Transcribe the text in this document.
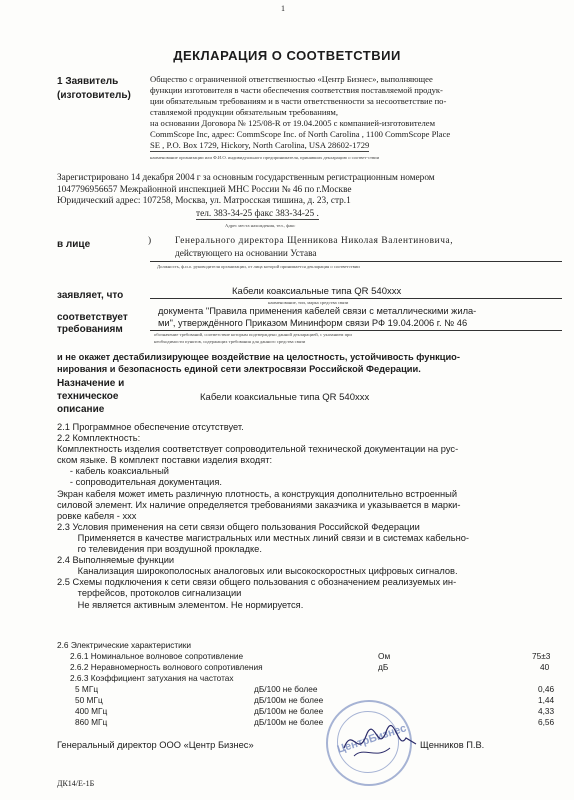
1
ДЕКЛАРАЦИЯ О СООТВЕТСТВИИ
1 Заявитель
(изготовитель)
Общество с ограниченной ответственностью «Центр Бизнес», выполняющее
функции изготовителя в части обеспечения соответствия поставляемой продук-
ции обязательным требованиям и в части ответственности за несоответствие по-
ставляемой продукции обязательным требованиям,
на основании Договора № 125/08-R от 19.04.2005 с компанией-изготовителем
CommScope Inc, адрес: CommScope Inc. of North Carolina , 1100 CommScope Place
SE , P.O. Box 1729, Hickory, North Carolina, USA 28602-1729
наименование организации или Ф.И.О. индивидуального предпринимателя, принявших декларацию о соответ-ствии
Зарегистрировано 14 декабря 2004 г за основным государственным регистрационным номером
1047796956657 Межрайонной инспекцией МНС России № 46 по г.Москве
Юридический адрес: 107258, Москва, ул. Матросская тишина, д. 23, стр.1
тел. 383-34-25 факс 383-34-25 .
Адрес места нахождения, тел., факс
в лице	)	Генерального директора Щенникова Николая Валентиновича,
действующего на основании Устава
Должность, ф.и.о. руководителя организации, от лица которой принимается декларация о соответствии
заявляет, что	Кабели коаксиальные типа QR 540xxx
наименование, тип, марка средства связи
соответствует
требованиям
документа "Правила применения кабелей связи с металлическими жила-
ми", утверждённого Приказом Мининформ связи РФ 19.04.2006 г. № 46
обозначение требований, соответствие которым подтверждено данной декларацией, с указанием при
необходимости пунктов, содержащих требования для данного средства связи
и не окажет дестабилизирующее воздействие на целостность, устойчивость функцио-
нирования и безопасность единой сети электросвязи Российской Федерации.
Назначение и
техническое
описание
Кабели коаксиальные типа QR 540xxx
2.1 Программное обеспечение отсутствует.
2.2 Комплектность:
Комплектность изделия соответствует сопроводительной технической документации на рус-
ском языке. В комплект поставки изделия входят:
- кабель коаксиальный
- сопроводительная документация.
Экран кабеля может иметь различную плотность, а конструкция дополнительно встроенный
силовой элемент. Их наличие определяется требованиями заказчика и указывается в марки-
ровке кабеля - ххх
2.3 Условия применения на сети связи общего пользования Российской Федерации
Применяется в качестве магистральных или местных линий связи и в системах кабельно-
го телевидения при воздушной прокладке.
2.4 Выполняемые функции
Канализация широкополосных аналоговых или высокоскоростных цифровых сигналов.
2.5 Схемы подключения к сети связи общего пользования с обозначением реализуемых ин-
терфейсов, протоколов сигнализации
Не является активным элементом. Не нормируется.
2.6 Электрические характеристики
2.6.1 Номинальное волновое сопротивление	Ом	75±3
2.6.2 Неравномерность волнового сопротивления	дБ	40
2.6.3 Коэффициент затухания на частотах
5 МГц	дБ/100 не более	0,46
50 МГц	дБ/100м не более	1,44
400 МГц	дБ/100м не более	4,33
860 МГц	дБ/100м не более	6,56
ЦентрБизнес
Генеральный директор ООО «Центр Бизнес»	Щенников П.В.
ДК14/Е-1Б
